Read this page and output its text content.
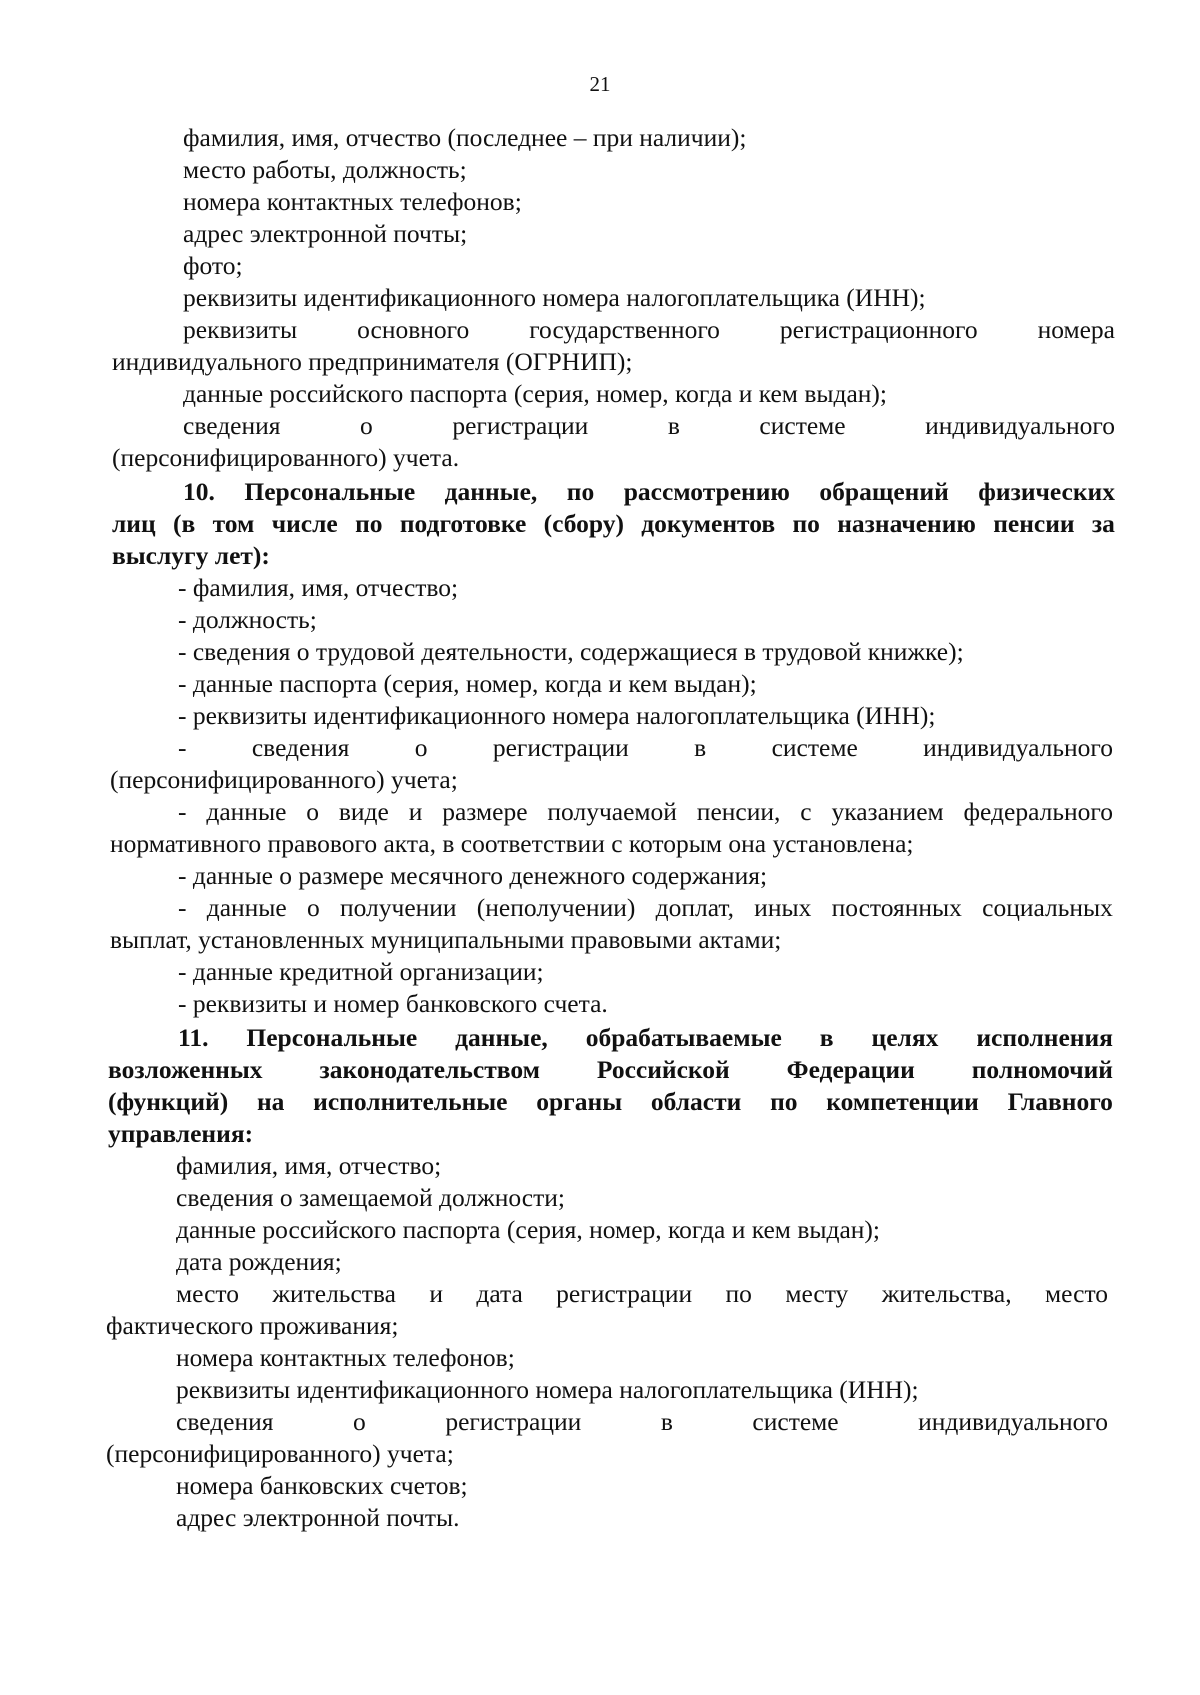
21
фамилия, имя, отчество (последнее – при наличии);
место работы, должность;
номера контактных телефонов;
адрес электронной почты;
фото;
реквизиты идентификационного номера налогоплательщика (ИНН);
реквизиты основного государственного регистрационного номера
индивидуального предпринимателя (ОГРНИП);
данные российского паспорта (серия, номер, когда и кем выдан);
сведения	о	регистрации	в	системе	индивидуального
(персонифицированного) учета.
10. Персональные данные, по рассмотрению обращений физических
лиц (в том числе по подготовке (сбору) документов по назначению пенсии за
выслугу лет):
- фамилия, имя, отчество;
- должность;
- сведения о трудовой деятельности, содержащиеся в трудовой книжке);
- данные паспорта (серия, номер, когда и кем выдан);
- реквизиты идентификационного номера налогоплательщика (ИНН);
-	сведения	о	регистрации	в	системе	индивидуального
(персонифицированного) учета;
- данные о виде и размере получаемой пенсии, с указанием федерального
нормативного правового акта, в соответствии с которым она установлена;
- данные о размере месячного денежного содержания;
- данные о получении (неполучении) доплат, иных постоянных социальных
выплат, установленных муниципальными правовыми актами;
- данные кредитной организации;
- реквизиты и номер банковского счета.
11. Персональные данные, обрабатываемые в целях исполнения
возложенных законодательством Российской Федерации полномочий
(функций) на исполнительные органы области по компетенции Главного
управления:
фамилия, имя, отчество;
сведения о замещаемой должности;
данные российского паспорта (серия, номер, когда и кем выдан);
дата рождения;
место жительства и дата регистрации по месту жительства, место
фактического проживания;
номера контактных телефонов;
реквизиты идентификационного номера налогоплательщика (ИНН);
сведения	о	регистрации	в	системе	индивидуального
(персонифицированного) учета;
номера банковских счетов;
адрес электронной почты.
